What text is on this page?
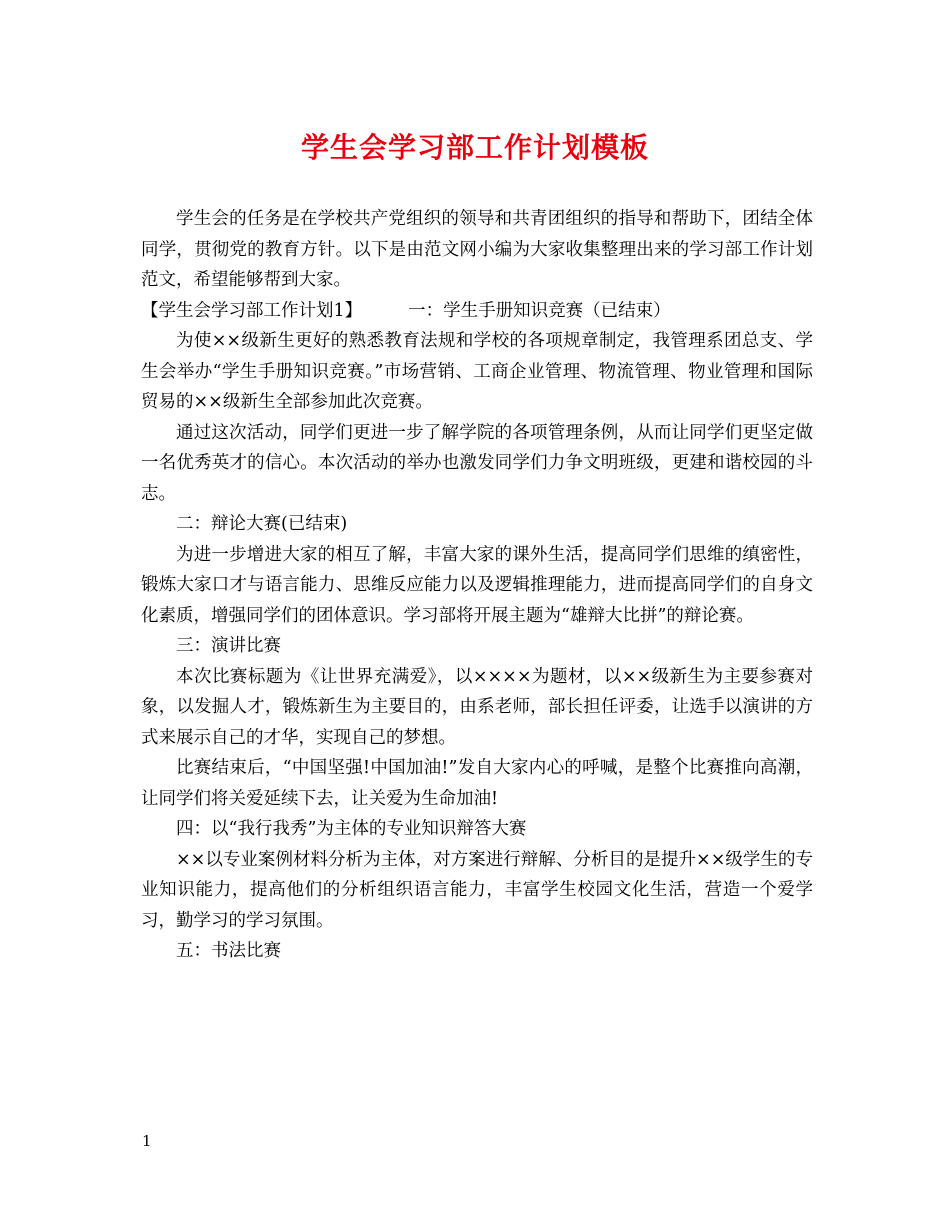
学生会学习部工作计划模板

学生会的任务是在学校共产党组织的领导和共青团组织的指导和帮助下，团结全体同学，贯彻党的教育方针。以下是由范文网小编为大家收集整理出来的学习部工作计划范文，希望能够帮到大家。

【学生会学习部工作计划1】	一：学生手册知识竞赛（已结束）

为使××级新生更好的熟悉教育法规和学校的各项规章制定，我管理系团总支、学生会举办“学生手册知识竞赛。”市场营销、工商企业管理、物流管理、物业管理和国际贸易的××级新生全部参加此次竞赛。

通过这次活动，同学们更进一步了解学院的各项管理条例，从而让同学们更坚定做一名优秀英才的信心。本次活动的举办也激发同学们力争文明班级，更建和谐校园的斗志。

二：辩论大赛(已结束)

为进一步增进大家的相互了解，丰富大家的课外生活，提高同学们思维的缜密性，锻炼大家口才与语言能力、思维反应能力以及逻辑推理能力，进而提高同学们的自身文化素质，增强同学们的团体意识。学习部将开展主题为“雄辩大比拼”的辩论赛。

三：演讲比赛

本次比赛标题为《让世界充满爱》，以××××为题材，以××级新生为主要参赛对象，以发掘人才，锻炼新生为主要目的，由系老师，部长担任评委，让选手以演讲的方式来展示自己的才华，实现自己的梦想。

比赛结束后，“中国坚强!中国加油!”发自大家内心的呼喊，是整个比赛推向高潮，让同学们将关爱延续下去，让关爱为生命加油!

四：以“我行我秀”为主体的专业知识辩答大赛

××以专业案例材料分析为主体，对方案进行辩解、分析目的是提升××级学生的专业知识能力，提高他们的分析组织语言能力，丰富学生校园文化生活，营造一个爱学习，勤学习的学习氛围。

五：书法比赛

1
